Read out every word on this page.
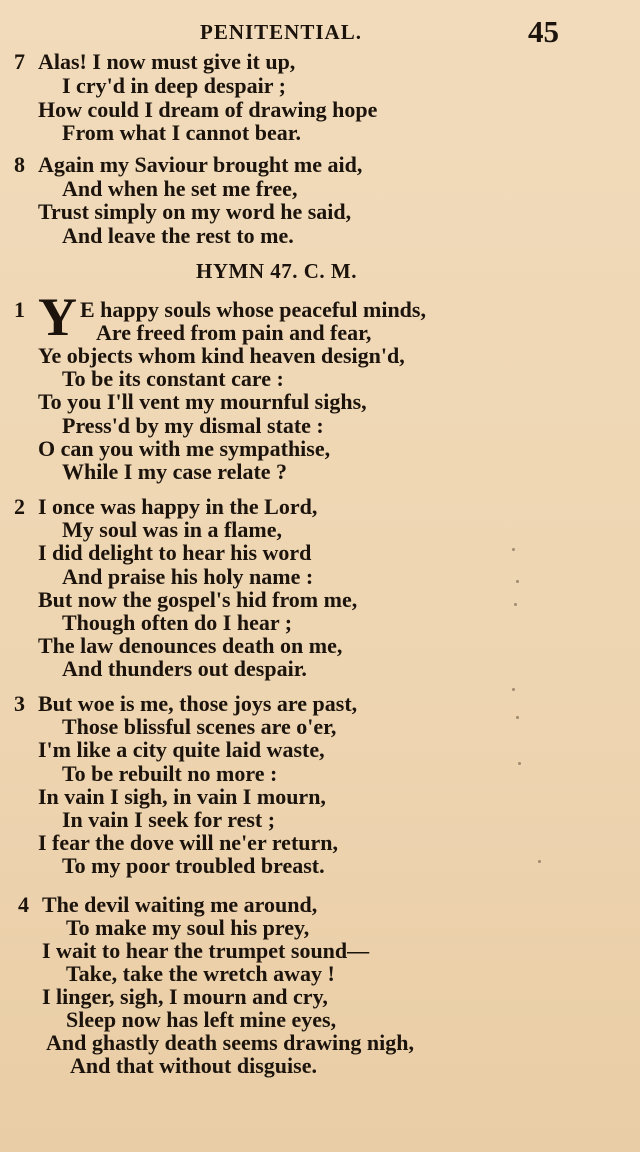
PENITENTIAL.	45
7 Alas! I now must give it up,
I cry'd in deep despair ;
How could I dream of drawing hope
From what I cannot bear.
8 Again my Saviour brought me aid,
And when he set me free,
Trust simply on my word he said,
And leave the rest to me.
HYMN 47. C. M.
1 Y E happy souls whose peaceful minds,
Are freed from pain and fear,
Ye objects whom kind heaven design'd,
To be its constant care :
To you I'll vent my mournful sighs,
Press'd by my dismal state :
O can you with me sympathise,
While I my case relate ?
2 I once was happy in the Lord,
My soul was in a flame,
I did delight to hear his word
And praise his holy name :
But now the gospel's hid from me,
Though often do I hear ;
The law denounces death on me,
And thunders out despair.
3 But woe is me, those joys are past,
Those blissful scenes are o'er,
I'm like a city quite laid waste,
To be rebuilt no more :
In vain I sigh, in vain I mourn,
In vain I seek for rest ;
I fear the dove will ne'er return,
To my poor troubled breast.
4 The devil waiting me around,
To make my soul his prey,
I wait to hear the trumpet sound—
Take, take the wretch away !
I linger, sigh, I mourn and cry,
Sleep now has left mine eyes,
And ghastly death seems drawing nigh,
And that without disguise.
